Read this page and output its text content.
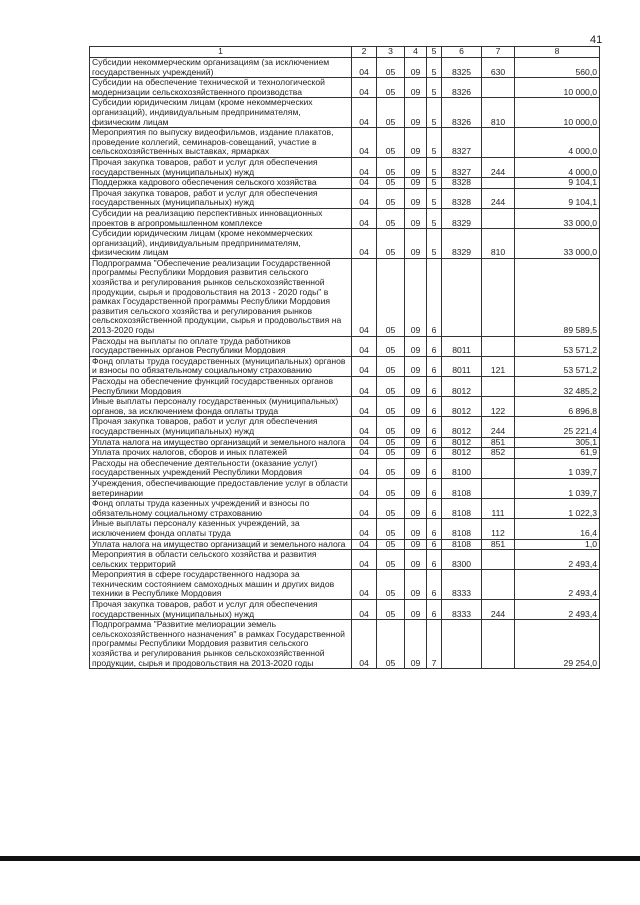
41
1	2	3	4	5	6	7	8
Субсидии некоммерческим организациям (за исключением государственных учреждений)	04	05	09	5	8325	630	560,0
Субсидии на обеспечение технической и технологической модернизации сельскохозяйственного производства	04	05	09	5	8326		10 000,0
Субсидии юридическим лицам (кроме некоммерческих организаций), индивидуальным предпринимателям, физическим лицам	04	05	09	5	8326	810	10 000,0
Мероприятия по выпуску видеофильмов, издание плакатов, проведение коллегий, семинаров-совещаний, участие в сельскохозяйственных выставках, ярмарках	04	05	09	5	8327		4 000,0
Прочая закупка товаров, работ и услуг для обеспечения государственных (муниципальных) нужд	04	05	09	5	8327	244	4 000,0
Поддержка кадрового обеспечения сельского хозяйства	04	05	09	5	8328		9 104,1
Прочая закупка товаров, работ и услуг для обеспечения государственных (муниципальных) нужд	04	05	09	5	8328	244	9 104,1
Субсидии на реализацию перспективных инновационных проектов в агропромышленном комплексе	04	05	09	5	8329		33 000,0
Субсидии юридическим лицам (кроме некоммерческих организаций), индивидуальным предпринимателям, физическим лицам	04	05	09	5	8329	810	33 000,0
Подпрограмма "Обеспечение реализации Государственной программы Республики Мордовия развития сельского хозяйства и регулирования рынков сельскохозяйственной продукции, сырья и продовольствия на 2013 - 2020 годы" в рамках Государственной программы Республики Мордовия развития сельского хозяйства и регулирования рынков сельскохозяйственной продукции, сырья и продовольствия на 2013-2020 годы	04	05	09	6			89 589,5
Расходы на выплаты по оплате труда работников государственных органов Республики Мордовия	04	05	09	6	8011		53 571,2
Фонд оплаты труда государственных (муниципальных) органов и взносы по обязательному социальному страхованию	04	05	09	6	8011	121	53 571,2
Расходы на обеспечение функций государственных органов Республики Мордовия	04	05	09	6	8012		32 485,2
Иные выплаты персоналу государственных (муниципальных) органов, за исключением фонда оплаты труда	04	05	09	6	8012	122	6 896,8
Прочая закупка товаров, работ и услуг для обеспечения государственных (муниципальных) нужд	04	05	09	6	8012	244	25 221,4
Уплата налога на имущество организаций и земельного налога	04	05	09	6	8012	851	305,1
Уплата прочих налогов, сборов и иных платежей	04	05	09	6	8012	852	61,9
Расходы на обеспечение деятельности (оказание услуг) государственных учреждений Республики Мордовия	04	05	09	6	8100		1 039,7
Учреждения, обеспечивающие предоставление услуг в области ветеринарии	04	05	09	6	8108		1 039,7
Фонд оплаты труда казенных учреждений и взносы по обязательному социальному страхованию	04	05	09	6	8108	111	1 022,3
Иные выплаты персоналу казенных учреждений, за исключением фонда оплаты труда	04	05	09	6	8108	112	16,4
Уплата налога на имущество организаций и земельного налога	04	05	09	6	8108	851	1,0
Мероприятия в области сельского хозяйства и развития сельских территорий	04	05	09	6	8300		2 493,4
Мероприятия в сфере государственного надзора за техническим состоянием самоходных машин и других видов техники в Республике Мордовия	04	05	09	6	8333		2 493,4
Прочая закупка товаров, работ и услуг для обеспечения государственных (муниципальных) нужд	04	05	09	6	8333	244	2 493,4
Подпрограмма "Развитие мелиорации земель сельскохозяйственного назначения" в рамках Государственной программы Республики Мордовия развития сельского хозяйства и регулирования рынков сельскохозяйственной продукции, сырья и продовольствия на 2013-2020 годы	04	05	09	7			29 254,0
